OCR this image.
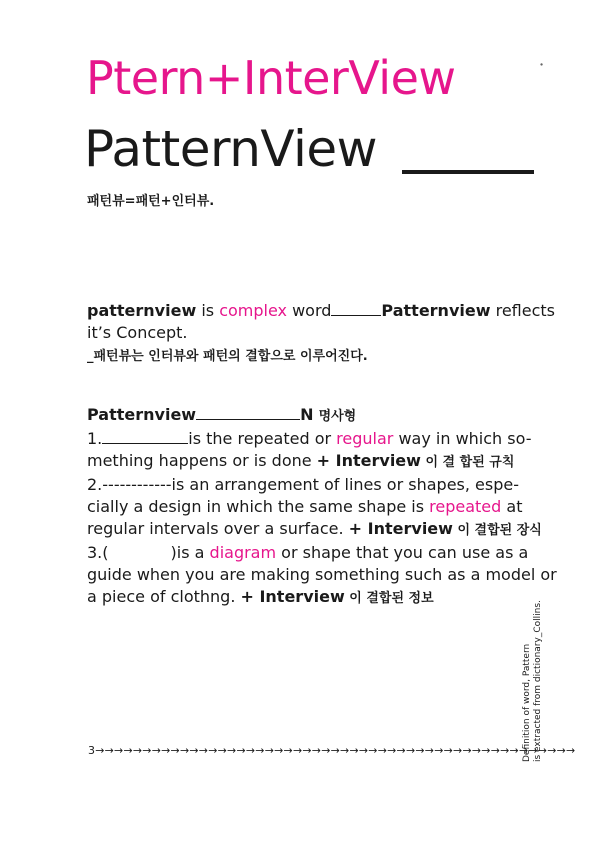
Ptern+InterView	∙
PatternView
패턴뷰=패턴+인터뷰.
patternview is complex word	Patternview reflects it’s Concept.
_패턴뷰는 인터뷰와 패턴의 결합으로 이루어진다.
Patternview	N 명사형
1.	is the repeated or regular way in which so-mething happens or is done + Interview 이 결 합된 규칙
2.------------is an arrangement of lines or shapes, espe-cially a design in which the same shape is repeated at regular intervals over a surface. + Interview 이 결합된 장식
3.(	)is a diagram or shape that you can use as a guide when you are making something such as a model or a piece of clothng. + Interview 이 결합된 정보
3→→→→→→→→→→→→→→→→→→→→→→→→→→→→→→→→→→→→→→→→→→→→→→→→→→→
Definition of word, Pattern is extracted from dictionary_Collins.
